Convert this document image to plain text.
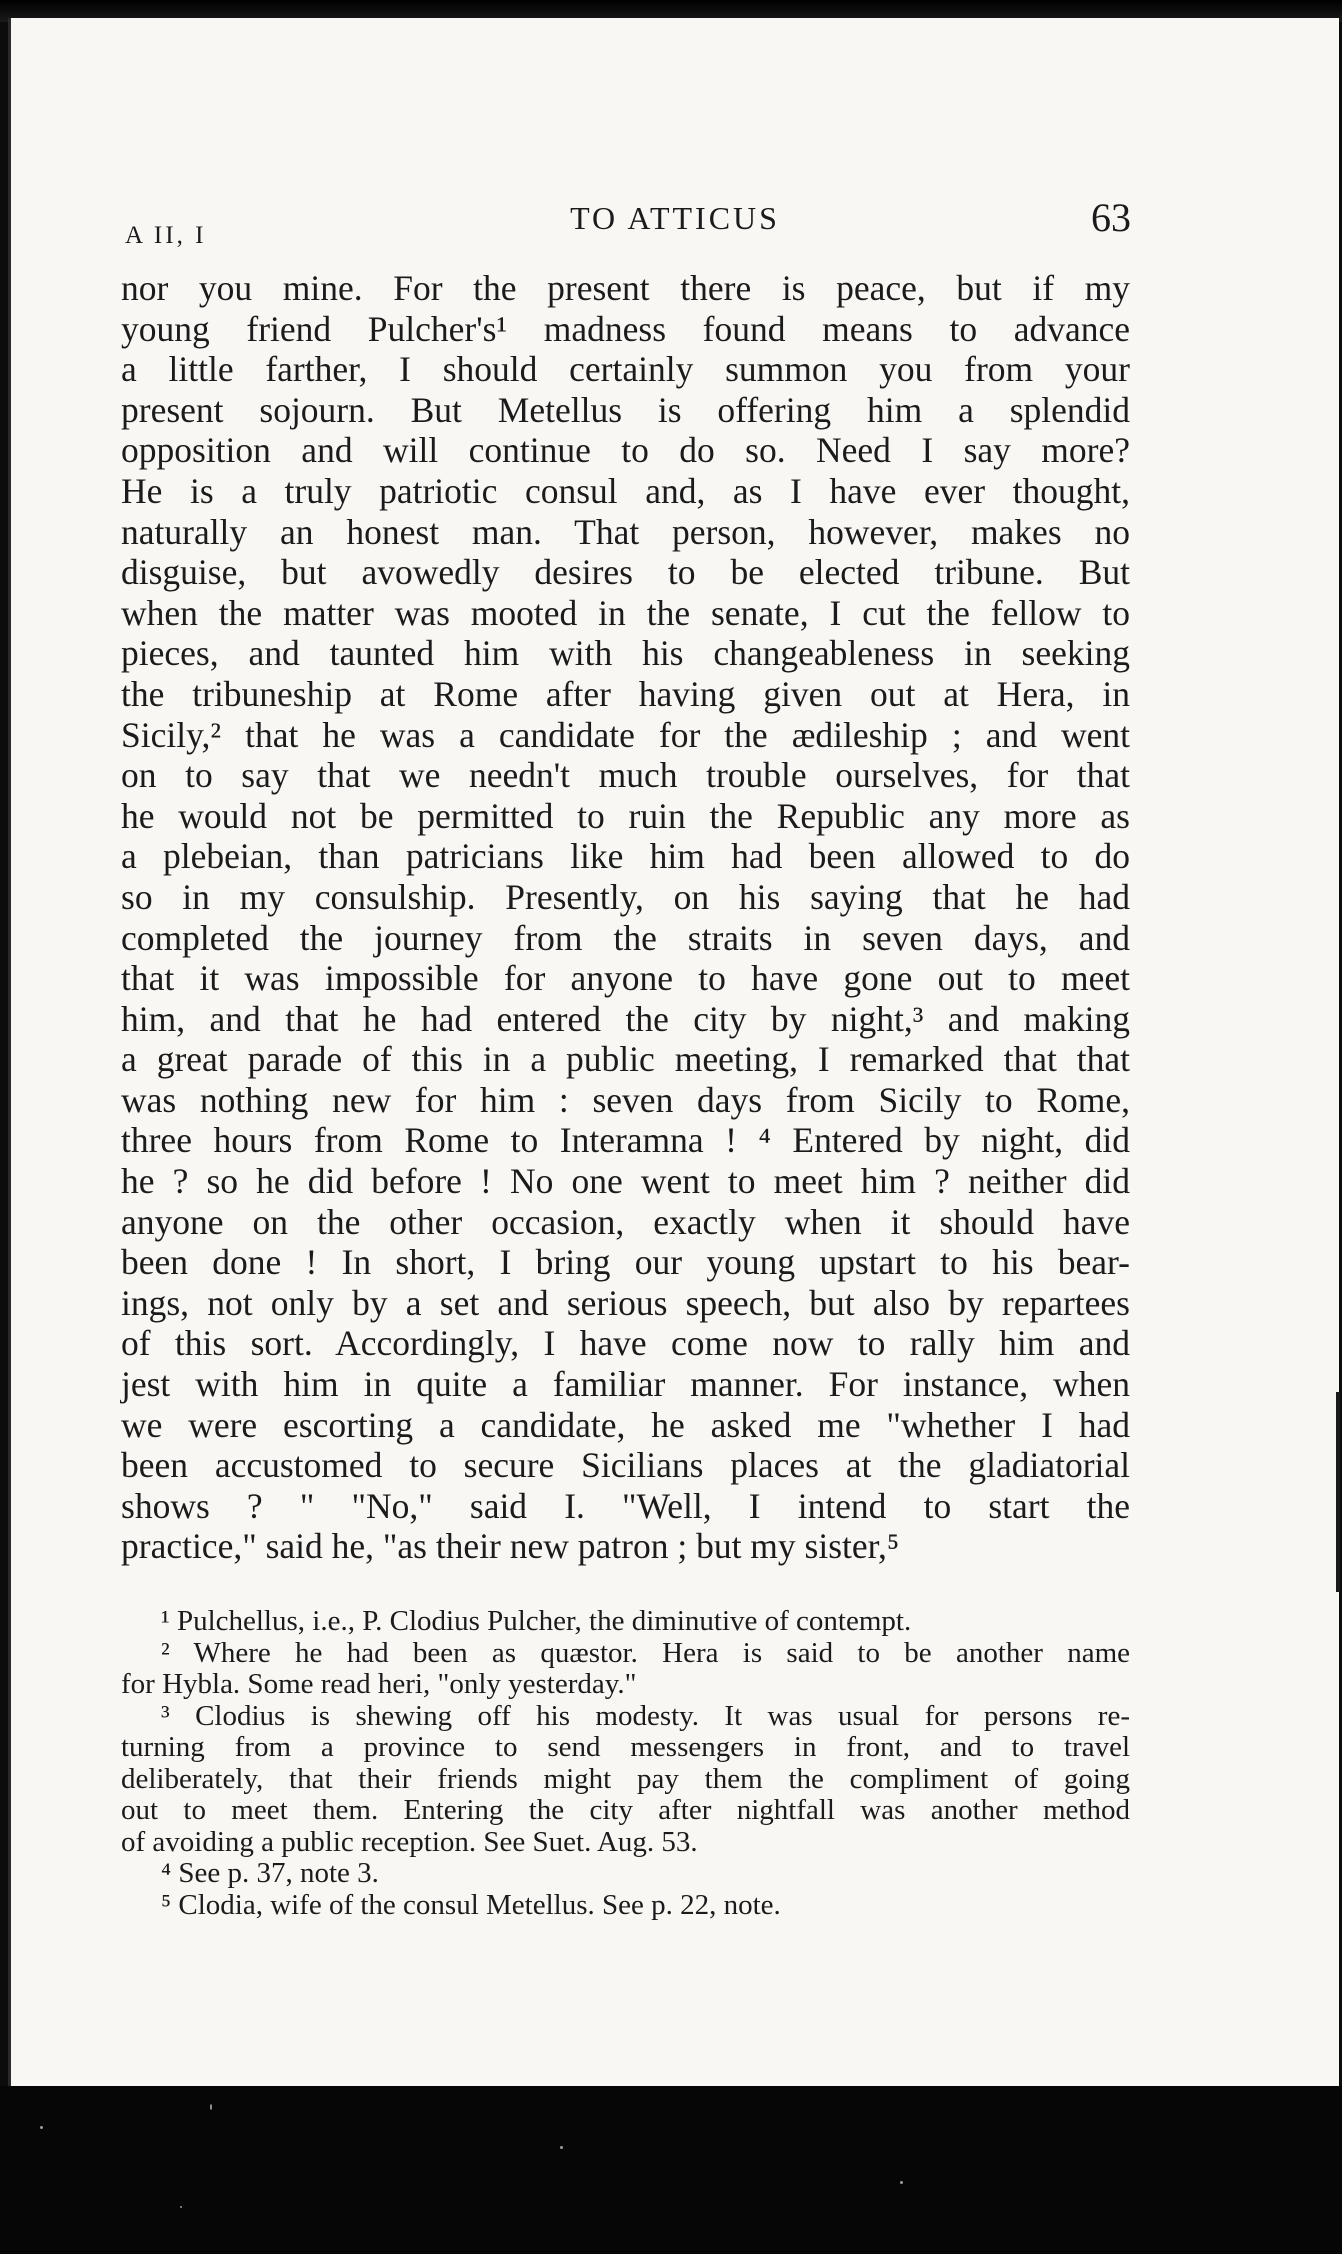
A II, I	TO ATTICUS	63
nor you mine. For the present there is peace, but if my
young friend Pulcher's¹ madness found means to advance
a little farther, I should certainly summon you from your
present sojourn. But Metellus is offering him a splendid
opposition and will continue to do so. Need I say more?
He is a truly patriotic consul and, as I have ever thought,
naturally an honest man. That person, however, makes no
disguise, but avowedly desires to be elected tribune. But
when the matter was mooted in the senate, I cut the fellow to
pieces, and taunted him with his changeableness in seeking
the tribuneship at Rome after having given out at Hera, in
Sicily,² that he was a candidate for the ædileship ; and went
on to say that we needn't much trouble ourselves, for that
he would not be permitted to ruin the Republic any more as
a plebeian, than patricians like him had been allowed to do
so in my consulship. Presently, on his saying that he had
completed the journey from the straits in seven days, and
that it was impossible for anyone to have gone out to meet
him, and that he had entered the city by night,³ and making
a great parade of this in a public meeting, I remarked that that
was nothing new for him : seven days from Sicily to Rome,
three hours from Rome to Interamna ! ⁴ Entered by night, did
he ? so he did before ! No one went to meet him ? neither did
anyone on the other occasion, exactly when it should have
been done ! In short, I bring our young upstart to his bear-
ings, not only by a set and serious speech, but also by repartees
of this sort. Accordingly, I have come now to rally him and
jest with him in quite a familiar manner. For instance, when
we were escorting a candidate, he asked me "whether I had
been accustomed to secure Sicilians places at the gladiatorial
shows ? " "No," said I. "Well, I intend to start the
practice," said he, "as their new patron ; but my sister,⁵
¹ Pulchellus, i.e., P. Clodius Pulcher, the diminutive of contempt.
² Where he had been as quæstor. Hera is said to be another name
for Hybla. Some read heri, "only yesterday."
³ Clodius is shewing off his modesty. It was usual for persons re-
turning from a province to send messengers in front, and to travel
deliberately, that their friends might pay them the compliment of going
out to meet them. Entering the city after nightfall was another method
of avoiding a public reception. See Suet. Aug. 53.
⁴ See p. 37, note 3.
⁵ Clodia, wife of the consul Metellus. See p. 22, note.
